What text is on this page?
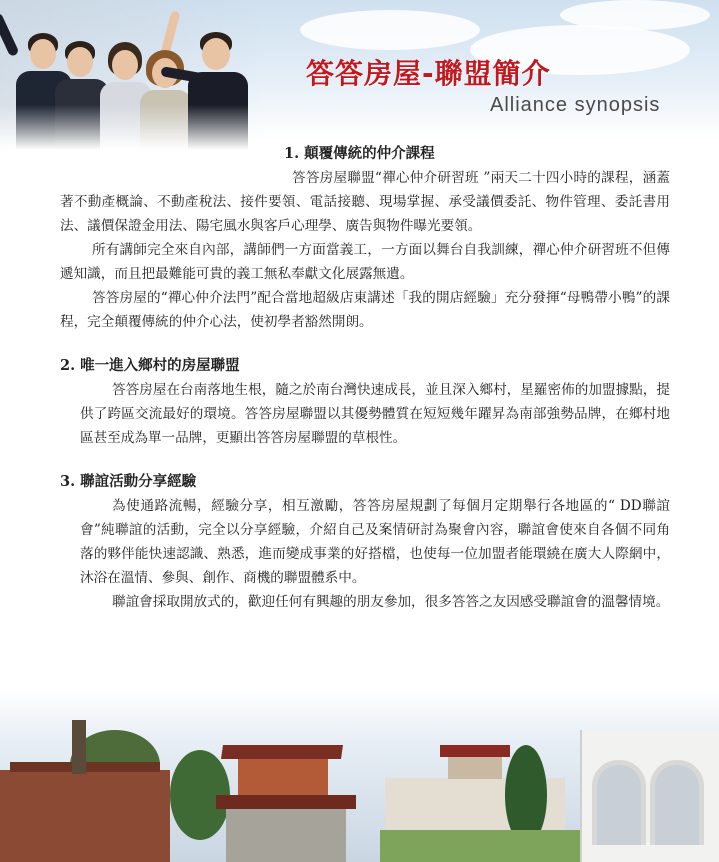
答答房屋-聯盟簡介
Alliance synopsis
1. 顛覆傳統的仲介課程
答答房屋聯盟“禪心仲介研習班 ”兩天二十四小時的課程，涵蓋著不動產概論、不動產稅法、接件要領、電話接聽、現場掌握、承受議價委託、物件管理、委託書用法、議價保證金用法、陽宅風水與客戶心理學、廣告與物件曝光要領。
所有講師完全來自內部，講師們一方面當義工，一方面以舞台自我訓練，禪心仲介研習班不但傳遞知識，而且把最難能可貴的義工無私奉獻文化展露無遺。
答答房屋的“禪心仲介法門”配合當地超級店東講述「我的開店經驗」充分發揮“母鴨帶小鴨”的課程，完全顛覆傳統的仲介心法，使初學者豁然開朗。
2. 唯一進入鄉村的房屋聯盟
答答房屋在台南落地生根，隨之於南台灣快速成長，並且深入鄉村，星羅密佈的加盟據點，提供了跨區交流最好的環境。答答房屋聯盟以其優勢體質在短短幾年躍昇為南部強勢品牌，在鄉村地區甚至成為單一品牌，更顯出答答房屋聯盟的草根性。
3. 聯誼活動分享經驗
為使通路流暢，經驗分享，相互激勵，答答房屋規劃了每個月定期舉行各地區的“ DD聯誼會”純聯誼的活動，完全以分享經驗，介紹自己及案情研討為聚會內容，聯誼會使來自各個不同角落的夥伴能快速認識、熟悉，進而變成事業的好搭檔，也使每一位加盟者能環繞在廣大人際網中，沐浴在溫情、參與、創作、商機的聯盟體系中。
聯誼會採取開放式的，歡迎任何有興趣的朋友參加，很多答答之友因感受聯誼會的溫馨情境。
